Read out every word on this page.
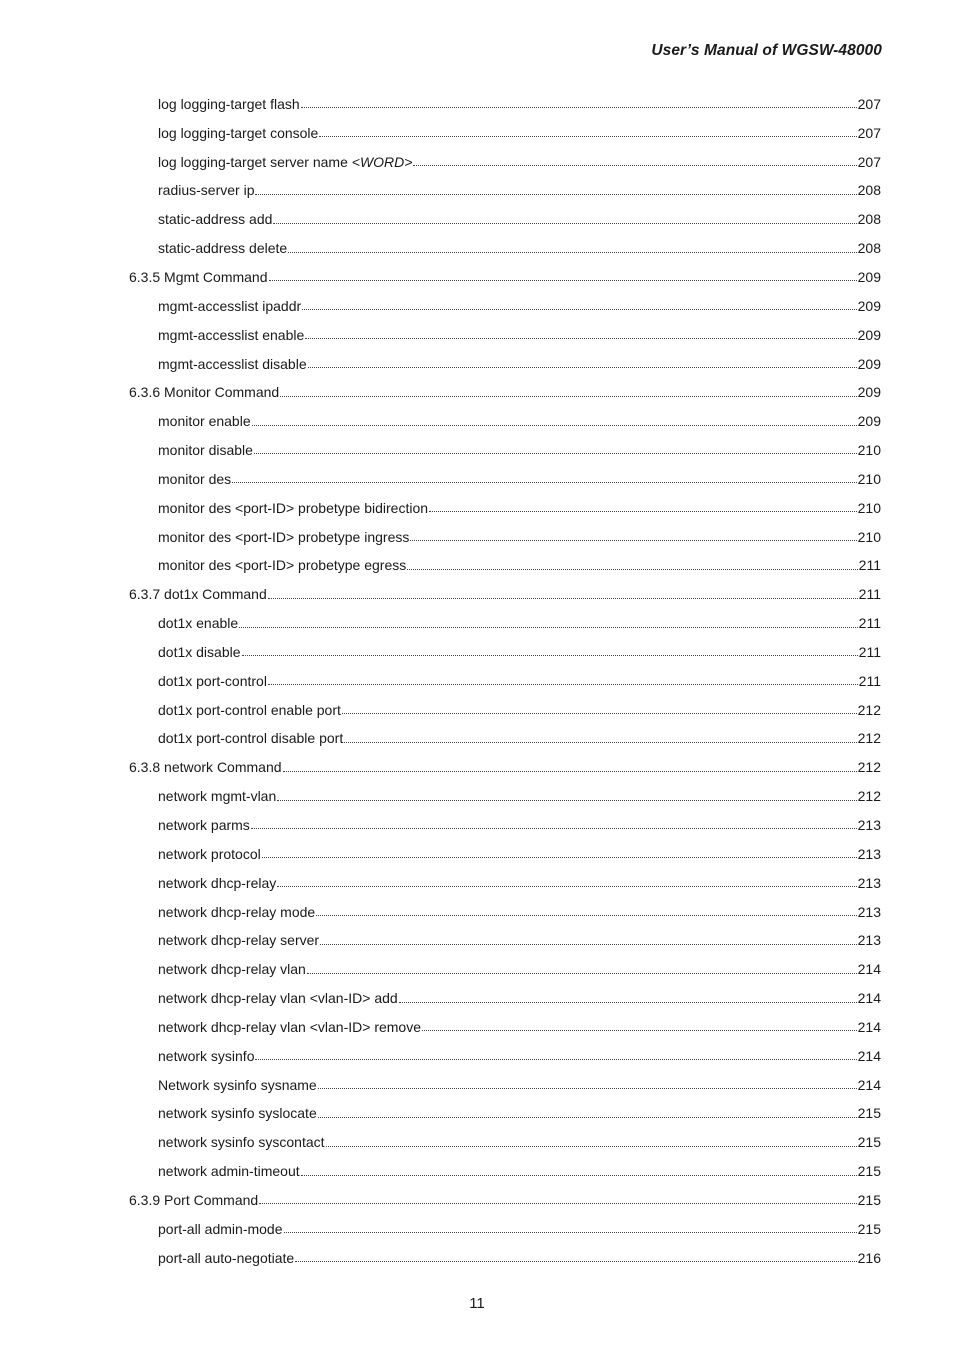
User’s Manual of WGSW-48000
log logging-target flash	207
log logging-target console	207
log logging-target server name <WORD>	207
radius-server ip	208
static-address add	208
static-address delete	208
6.3.5 Mgmt Command	209
mgmt-accesslist ipaddr	209
mgmt-accesslist enable	209
mgmt-accesslist disable	209
6.3.6 Monitor Command	209
monitor enable	209
monitor disable	210
monitor des	210
monitor des <port-ID> probetype bidirection	210
monitor des <port-ID> probetype ingress	210
monitor des <port-ID> probetype egress	211
6.3.7 dot1x Command	211
dot1x enable	211
dot1x disable	211
dot1x port-control	211
dot1x port-control enable port	212
dot1x port-control disable port	212
6.3.8 network Command	212
network mgmt-vlan	212
network parms	213
network protocol	213
network dhcp-relay	213
network dhcp-relay mode	213
network dhcp-relay server	213
network dhcp-relay vlan	214
network dhcp-relay vlan <vlan-ID> add	214
network dhcp-relay vlan <vlan-ID> remove	214
network sysinfo	214
Network sysinfo sysname	214
network sysinfo syslocate	215
network sysinfo syscontact	215
network admin-timeout	215
6.3.9 Port Command	215
port-all admin-mode	215
port-all auto-negotiate	216
11
